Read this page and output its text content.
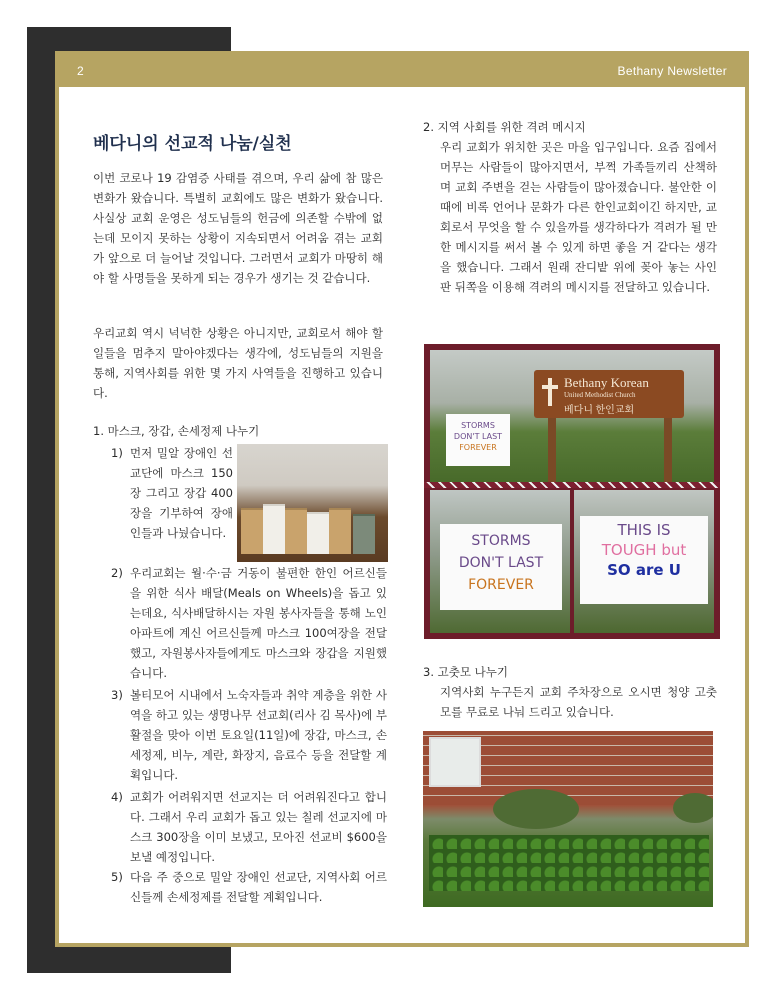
2	Bethany Newsletter
베다니의 선교적 나눔/실천

이번 코로나 19 감염증 사태를 겪으며, 우리 삶에 참 많은 변화가 왔습니다. 특별히 교회에도 많은 변화가 왔습니다. 사실상 교회 운영은 성도님들의 헌금에 의존할 수밖에 없는데 모이지 못하는 상황이 지속되면서 어려움 겪는 교회가 앞으로 더 늘어날 것입니다. 그러면서 교회가 마땅히 해야 할 사명들을 못하게 되는 경우가 생기는 것 같습니다.

우리교회 역시 넉넉한 상황은 아니지만, 교회로서 해야 할 일들을 멈추지 말아야겠다는 생각에, 성도님들의 지원을 통해, 지역사회를 위한 몇 가지 사역들을 진행하고 있습니다.

1. 마스크, 장갑, 손세정제 나누기
1) 먼저 밀알 장애인 선교단에 마스크 150장 그리고 장갑 400장을 기부하여 장애인들과 나눴습니다.
2) 우리교회는 월·수·금 거동이 불편한 한인 어르신들을 위한 식사 배달(Meals on Wheels)을 돕고 있는데요, 식사배달하시는 자원 봉사자들을 통해 노인 아파트에 계신 어르신들께 마스크 100여장을 전달했고, 자원봉사자들에게도 마스크와 장갑을 지원했습니다.
3) 볼티모어 시내에서 노숙자들과 취약 계층을 위한 사역을 하고 있는 생명나무 선교회(리사 김 목사)에 부활절을 맞아 이번 토요일(11일)에 장갑, 마스크, 손세정제, 비누, 계란, 화장지, 음료수 등을 전달할 계획입니다.
4) 교회가 어려워지면 선교지는 더 어려워진다고 합니다. 그래서 우리 교회가 돕고 있는 칠레 선교지에 마스크 300장을 이미 보냈고, 모아진 선교비 $600을 보낼 예정입니다.
5) 다음 주 중으로 밀알 장애인 선교단, 지역사회 어르신들께 손세정제를 전달할 계획입니다.
2. 지역 사회를 위한 격려 메시지

우리 교회가 위치한 곳은 마을 입구입니다. 요즘 집에서 머무는 사람들이 많아지면서, 부쩍 가족들끼리 산책하며 교회 주변을 걷는 사람들이 많아졌습니다. 불안한 이때에 비록 언어나 문화가 다른 한인교회이긴 하지만, 교회로서 무엇을 할 수 있을까를 생각하다가 격려가 될 만한 메시지를 써서 볼 수 있게 하면 좋을 거 같다는 생각을 했습니다. 그래서 원래 잔디밭 위에 꽂아 놓는 사인판 뒤쪽을 이용해 격려의 메시지를 전달하고 있습니다.

Bethany Korean
United Methodist Church
베다니 한인교회
STORMS
DON'T LAST
FOREVER
STORMS
DON'T LAST
FOREVER
THIS IS
TOUGH but
SO are U
3. 고춧모 나누기

지역사회 누구든지 교회 주차장으로 오시면 청양 고춧모를 무료로 나눠 드리고 있습니다.
